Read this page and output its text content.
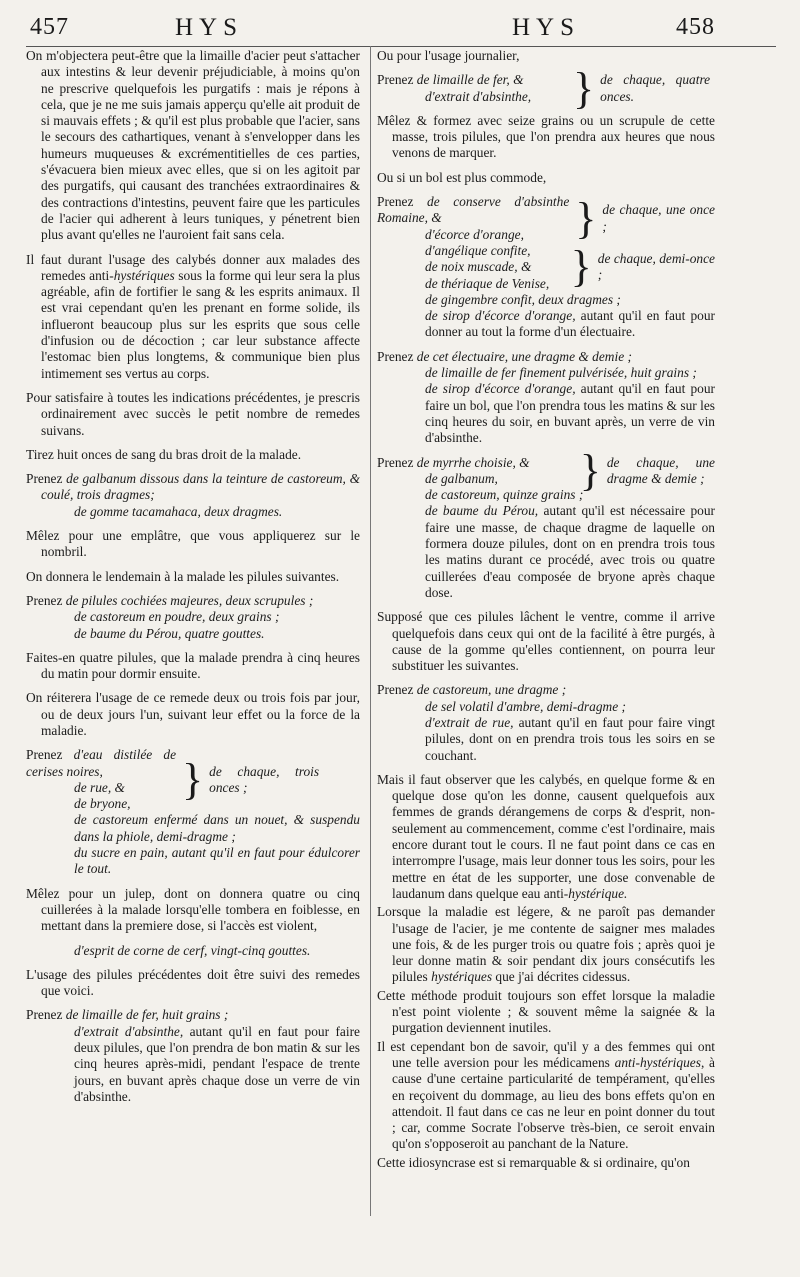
457	HYS	HYS	458

On m'objectera peut-être que la limaille d'acier peut s'attacher aux intestins & leur devenir préjudiciable, à moins qu'on ne prescrive quelquefois les purgatifs : mais je répons à cela, que je ne me suis jamais apperçu qu'elle ait produit de si mauvais effets ; & qu'il est plus probable que l'acier, sans le secours des cathartiques, venant à s'envelopper dans les humeurs muqueuses & excrémentitielles de ces parties, s'évacuera bien mieux avec elles, que si on les agitoit par des purgatifs, qui causant des tranchées extraordinaires & des contractions d'intestins, peuvent faire que les particules de l'acier qui adherent à leurs tuniques, y pénetrent bien plus avant qu'elles ne l'auroient fait sans cela.

Il faut durant l'usage des calybés donner aux malades des remedes anti-hystériques sous la forme qui leur sera la plus agréable, afin de fortifier le sang & les esprits animaux. Il est vrai cependant qu'en les prenant en forme solide, ils influeront beaucoup plus sur les esprits que sous celle d'infusion ou de décoction ; car leur substance affecte l'estomac bien plus longtems, & communique bien plus intimement ses vertus au corps.

Pour satisfaire à toutes les indications précédentes, je prescris ordinairement avec succès le petit nombre de remedes suivans.

Tirez huit onces de sang du bras droit de la malade.

Prenez de galbanum dissous dans la teinture de castoreum, & coulé, trois dragmes;
de gomme tacamahaca, deux dragmes.

Mêlez pour une emplâtre, que vous appliquerez sur le nombril.

On donnera le lendemain à la malade les pilules suivantes.

Prenez de pilules cochiées majeures, deux scrupules ;
de castoreum en poudre, deux grains ;
de baume du Pérou, quatre gouttes.

Faites-en quatre pilules, que la malade prendra à cinq heures du matin pour dormir ensuite.

On réiterera l'usage de ce remede deux ou trois fois par jour, ou de deux jours l'un, suivant leur effet ou la force de la maladie.

Prenez d'eau distilée de cerises noires,
de rue, &
de bryone,	} de chaque, trois onces ;
de castoreum enfermé dans un nouet, & suspendu dans la phiole, demi-dragme ;
du sucre en pain, autant qu'il en faut pour édulcorer le tout.

Mêlez pour un julep, dont on donnera quatre ou cinq cuillerées à la malade lorsqu'elle tombera en foiblesse, en mettant dans la premiere dose, si l'accès est violent,

d'esprit de corne de cerf, vingt-cinq gouttes.

L'usage des pilules précédentes doit être suivi des remedes que voici.

Prenez de limaille de fer, huit grains ;
d'extrait d'absinthe, autant qu'il en faut pour faire deux pilules, que l'on prendra de bon matin & sur les cinq heures après-midi, pendant l'espace de trente jours, en buvant après chaque dose un verre de vin d'absinthe.

Ou pour l'usage journalier,

Prenez de limaille de fer, &
d'extrait d'absinthe, } de chaque, quatre onces.

Mêlez & formez avec seize grains ou un scrupule de cette masse, trois pilules, que l'on prendra aux heures que nous venons de marquer.

Ou si un bol est plus commode,

Prenez de conserve d'absinthe Romaine, &
d'écorce d'orange,	} de chaque, une once ;
d'angélique confite,
de noix muscade, &
de thériaque de Venise, } de chaque, demi-once ;
de gingembre confit, deux dragmes ;
de sirop d'écorce d'orange, autant qu'il en faut pour donner au tout la forme d'un électuaire.
Prenez de cet électuaire, une dragme & demie ;
de limaille de fer finement pulvérisée, huit grains ;
de sirop d'écorce d'orange, autant qu'il en faut pour faire un bol, que l'on prendra tous les matins & sur les cinq heures du soir, en buvant après, un verre de vin d'absinthe.
Prenez de myrrhe choisie, &
de galbanum,	} de chaque, une dragme & demie ;
de castoreum, quinze grains ;
de baume du Pérou, autant qu'il est nécessaire pour faire une masse, de chaque dragme de laquelle on formera douze pilules, dont on en prendra trois tous les matins durant ce procédé, avec trois ou quatre cuillerées d'eau composée de bryone après chaque dose.

Supposé que ces pilules lâchent le ventre, comme il arrive quelquefois dans ceux qui ont de la facilité à être purgés, à cause de la gomme qu'elles contiennent, on pourra leur substituer les suivantes.

Prenez de castoreum, une dragme ;
de sel volatil d'ambre, demi-dragme ;
d'extrait de rue, autant qu'il en faut pour faire vingt pilules, dont on en prendra trois tous les soirs en se couchant.

Mais il faut observer que les calybés, en quelque forme & en quelque dose qu'on les donne, causent quelquefois aux femmes de grands dérangemens de corps & d'esprit, non-seulement au commencement, comme c'est l'ordinaire, mais encore durant tout le cours. Il ne faut point dans ce cas en interrompre l'usage, mais leur donner tous les soirs, pour les mettre en état de les supporter, une dose convenable de laudanum dans quelque eau anti-hystérique.

Lorsque la maladie est légere, & ne paroît pas demander l'usage de l'acier, je me contente de saigner mes malades une fois, & de les purger trois ou quatre fois ; après quoi je leur donne matin & soir pendant dix jours consécutifs les pilules hystériques que j'ai décrites cidessus.

Cette méthode produit toujours son effet lorsque la maladie n'est point violente ; & souvent même la saignée & la purgation deviennent inutiles.

Il est cependant bon de savoir, qu'il y a des femmes qui ont une telle aversion pour les médicamens anti-hystériques, à cause d'une certaine particularité de tempérament, qu'elles en reçoivent du dommage, au lieu des bons effets qu'on en attendoit. Il faut dans ce cas ne leur en point donner du tout ; car, comme Socrate l'observe très-bien, ce seroit envain qu'on s'opposeroit au panchant de la Nature.

Cette idiosyncrase est si remarquable & si ordinaire, qu'on
